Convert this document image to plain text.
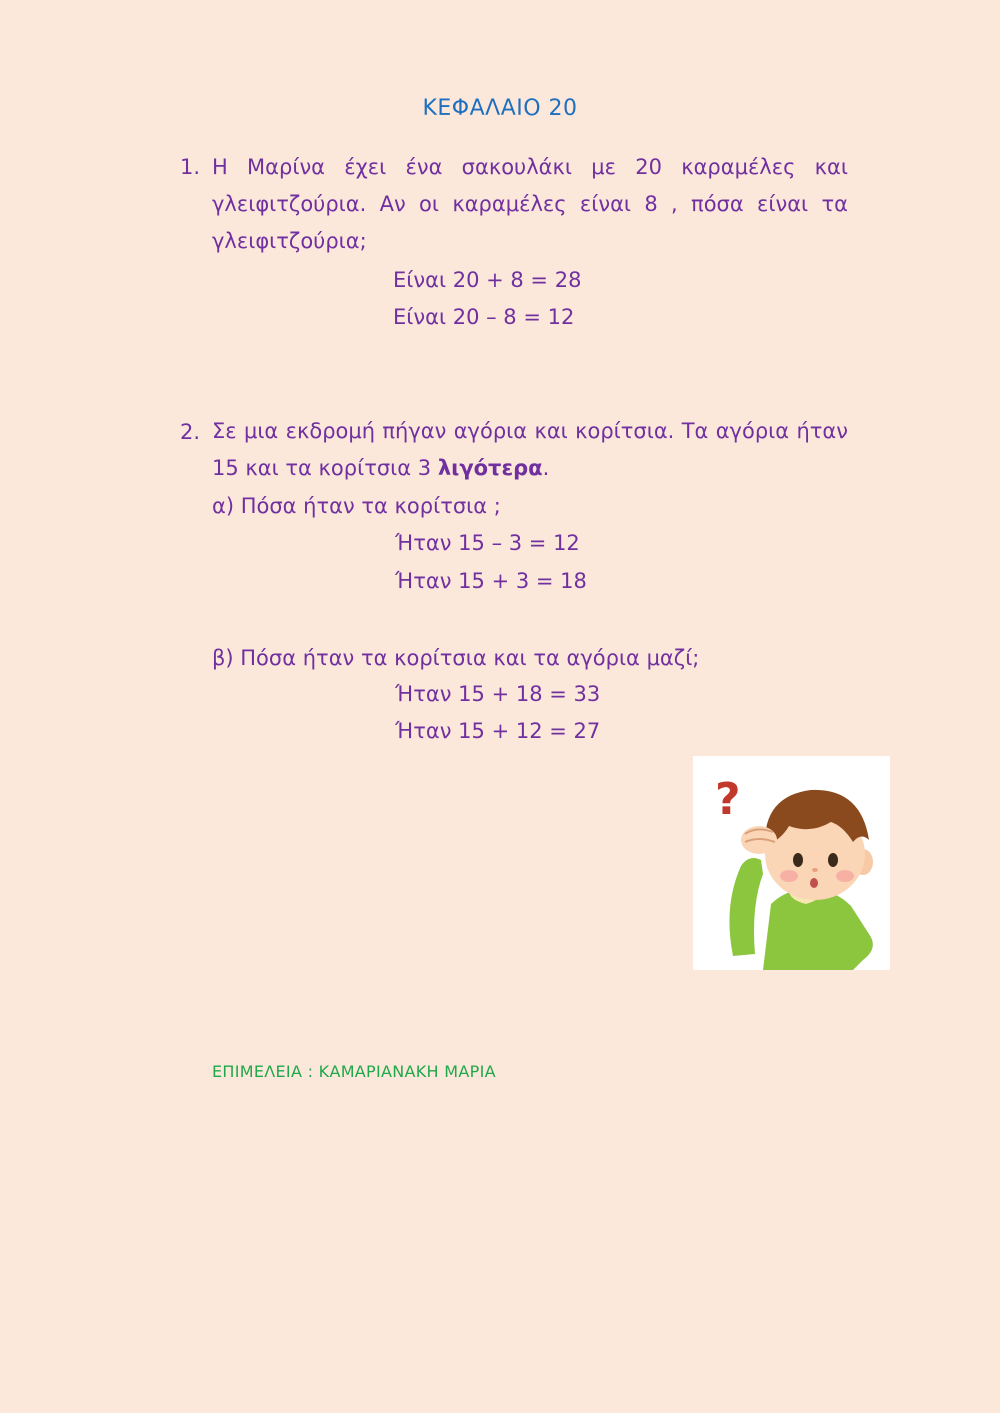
ΚΕΦΑΛΑΙΟ 20
1. Η Μαρίνα έχει ένα σακουλάκι με 20 καραμέλες και γλειφιτζούρια. Αν οι καραμέλες είναι 8 , πόσα είναι τα γλειφιτζούρια;
Είναι 20 + 8 = 28
Είναι 20 – 8 = 12
2. Σε μια εκδρομή πήγαν αγόρια και κορίτσια. Τα αγόρια ήταν
15 και τα κορίτσια 3 λιγότερα.
α) Πόσα ήταν τα κορίτσια ;
Ήταν 15 – 3 = 12
Ήταν 15 + 3 = 18
β) Πόσα ήταν τα κορίτσια και τα αγόρια μαζί;
Ήταν 15 + 18 = 33
Ήταν 15 + 12 = 27
?
ΕΠΙΜΕΛΕΙΑ : ΚΑΜΑΡΙΑΝΑΚΗ ΜΑΡΙΑ
